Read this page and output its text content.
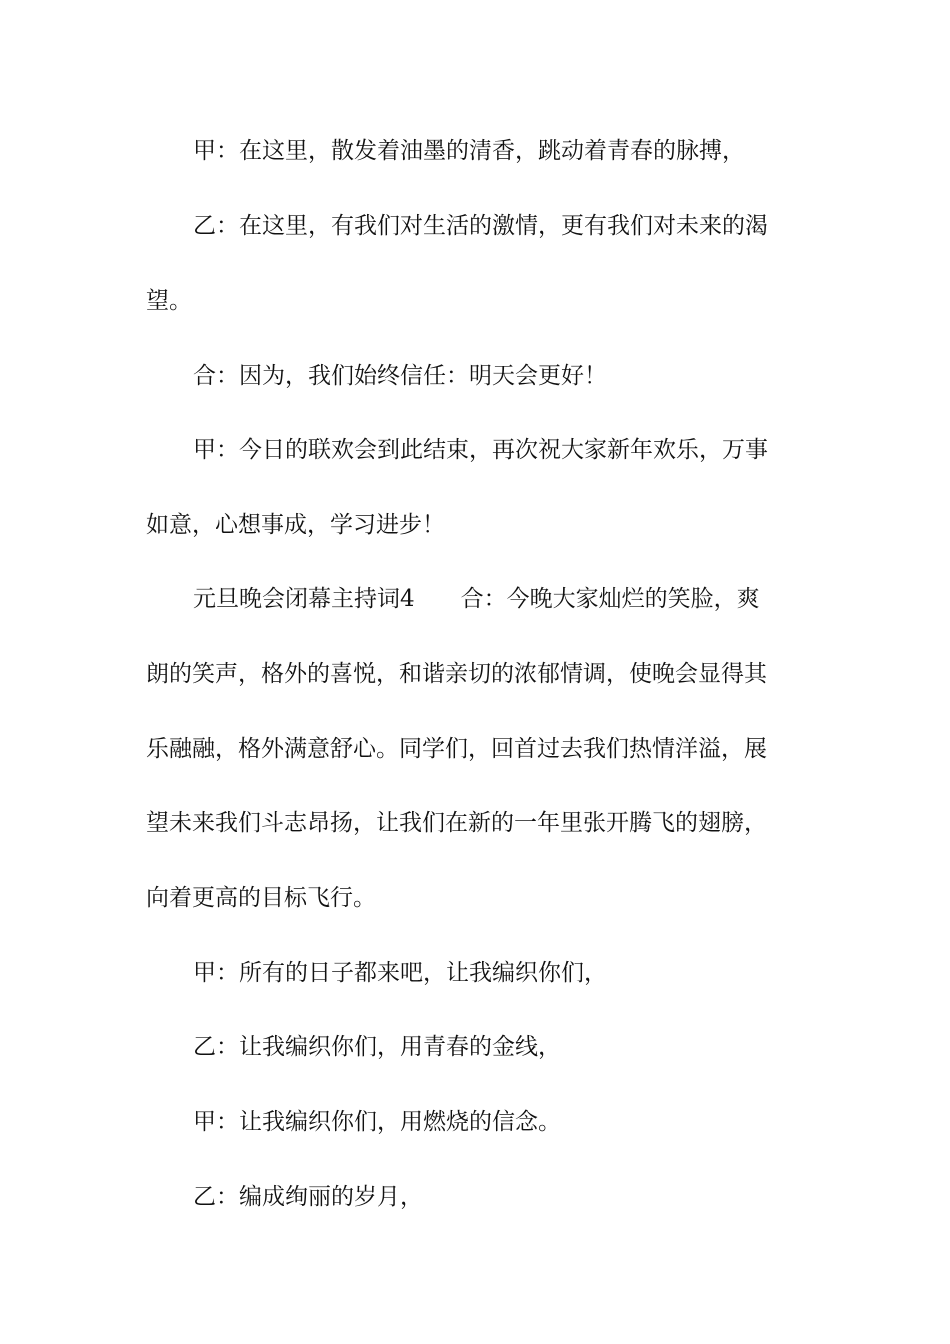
甲：在这里，散发着油墨的清香，跳动着青春的脉搏，
乙：在这里，有我们对生活的激情，更有我们对未来的渴
望。
合：因为，我们始终信任：明天会更好！
甲：今日的联欢会到此结束，再次祝大家新年欢乐，万事
如意，心想事成，学习进步！
元旦晚会闭幕主持词4　　合：今晚大家灿烂的笑脸，爽
朗的笑声，格外的喜悦，和谐亲切的浓郁情调，使晚会显得其
乐融融，格外满意舒心。同学们，回首过去我们热情洋溢，展
望未来我们斗志昂扬，让我们在新的一年里张开腾飞的翅膀，
向着更高的目标飞行。
甲：所有的日子都来吧，让我编织你们，
乙：让我编织你们，用青春的金线，
甲：让我编织你们，用燃烧的信念。
乙：编成绚丽的岁月，
